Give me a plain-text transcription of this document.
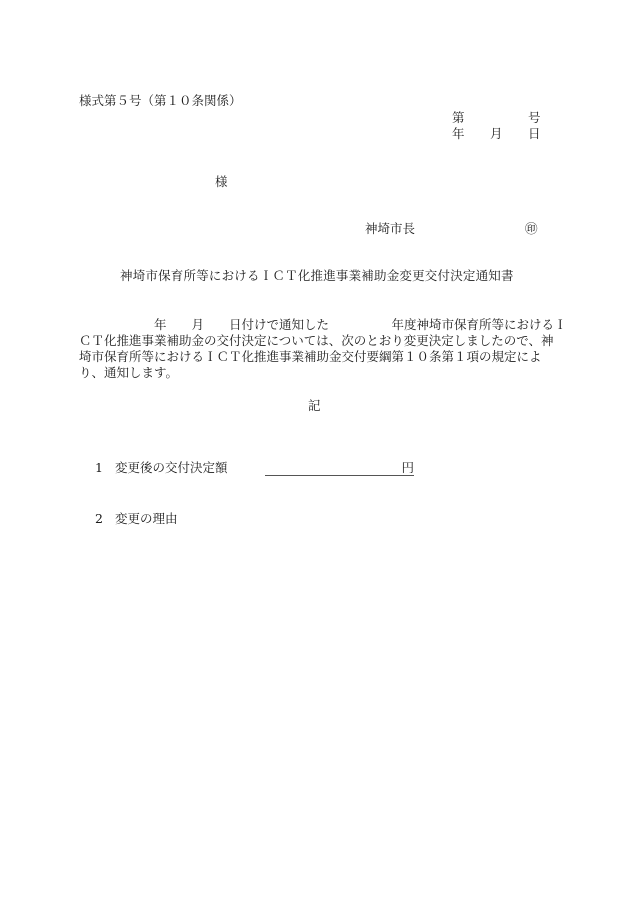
様式第５号（第１０条関係）
第	号
年 月 日
様
神埼市長	㊞
神埼市保育所等におけるＩＣＴ化推進事業補助金変更交付決定通知書
　　　　　　年　　月　　日付けで通知した　　　　　年度神埼市保育所等におけるＩ
ＣＴ化推進事業補助金の交付決定については、次のとおり変更決定しましたので、神
埼市保育所等におけるＩＣＴ化推進事業補助金交付要綱第１０条第１項の規定によ
り、通知します。
記
1 変更後の交付決定額	円
2 変更の理由
